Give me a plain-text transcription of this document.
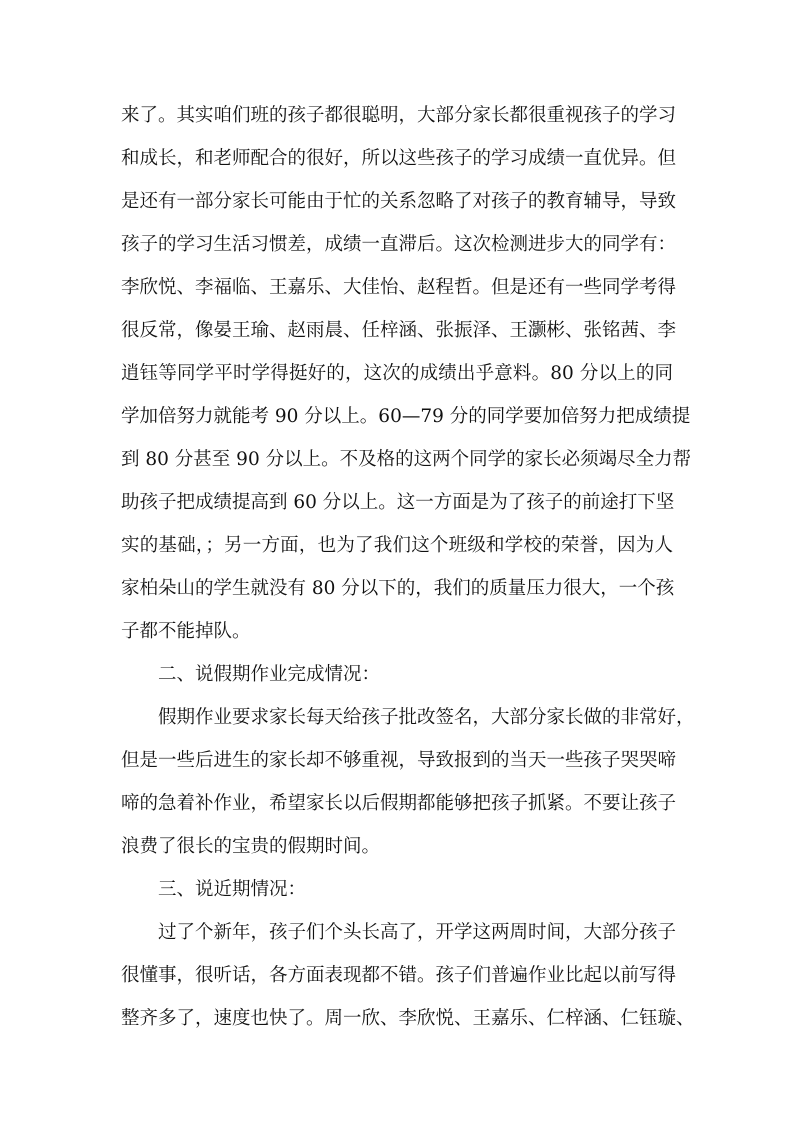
来了。其实咱们班的孩子都很聪明，大部分家长都很重视孩子的学习
和成长，和老师配合的很好，所以这些孩子的学习成绩一直优异。但
是还有一部分家长可能由于忙的关系忽略了对孩子的教育辅导，导致
孩子的学习生活习惯差，成绩一直滞后。这次检测进步大的同学有：
李欣悦、李福临、王嘉乐、大佳怡、赵程哲。但是还有一些同学考得
很反常，像晏王瑜、赵雨晨、任梓涵、张振泽、王灏彬、张铭茜、李
逍钰等同学平时学得挺好的，这次的成绩出乎意料。80 分以上的同
学加倍努力就能考 90 分以上。60—79 分的同学要加倍努力把成绩提
到 80 分甚至 90 分以上。不及格的这两个同学的家长必须竭尽全力帮
助孩子把成绩提高到 60 分以上。这一方面是为了孩子的前途打下坚
实的基础，；另一方面，也为了我们这个班级和学校的荣誉，因为人
家柏朵山的学生就没有 80 分以下的，我们的质量压力很大，一个孩
子都不能掉队。
二、说假期作业完成情况：
假期作业要求家长每天给孩子批改签名，大部分家长做的非常好，
但是一些后进生的家长却不够重视，导致报到的当天一些孩子哭哭啼
啼的急着补作业，希望家长以后假期都能够把孩子抓紧。不要让孩子
浪费了很长的宝贵的假期时间。
三、说近期情况：
过了个新年，孩子们个头长高了，开学这两周时间，大部分孩子
很懂事，很听话，各方面表现都不错。孩子们普遍作业比起以前写得
整齐多了，速度也快了。周一欣、李欣悦、王嘉乐、仁梓涵、仁钰璇、
